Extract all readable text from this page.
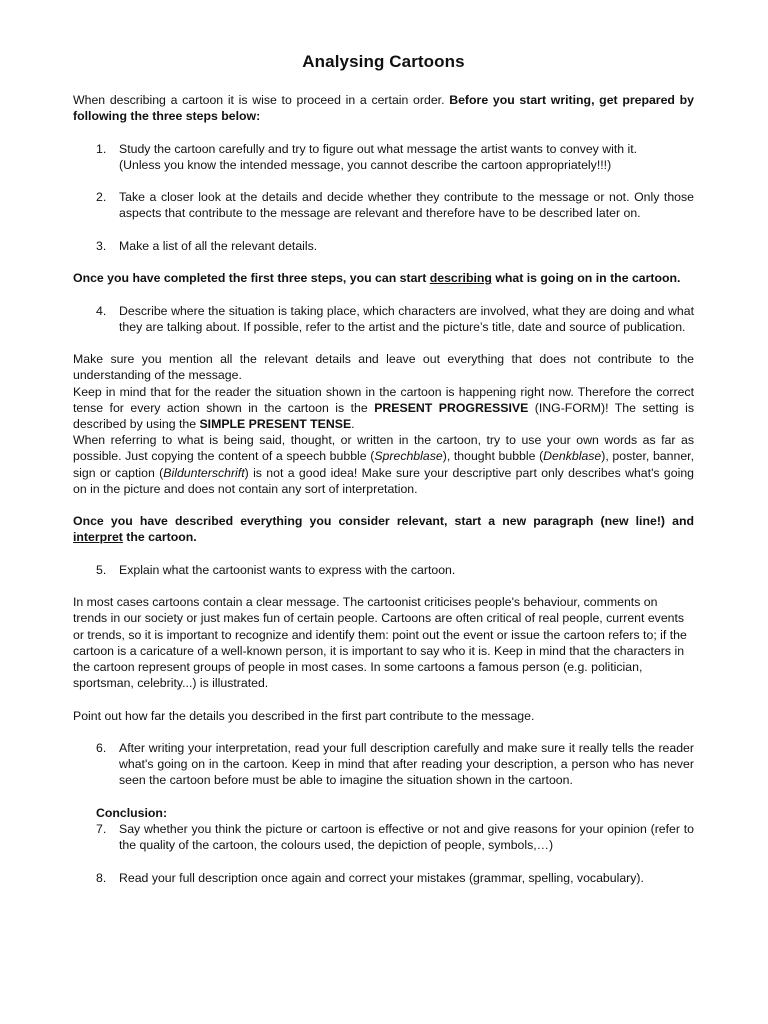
Analysing Cartoons

When describing a cartoon it is wise to proceed in a certain order. Before you start writing, get prepared by following the three steps below:

1. Study the cartoon carefully and try to figure out what message the artist wants to convey with it.
(Unless you know the intended message, you cannot describe the cartoon appropriately!!!)
2. Take a closer look at the details and decide whether they contribute to the message or not. Only those aspects that contribute to the message are relevant and therefore have to be described later on.
3. Make a list of all the relevant details.

Once you have completed the first three steps, you can start describing what is going on in the cartoon.

4. Describe where the situation is taking place, which characters are involved, what they are doing and what they are talking about. If possible, refer to the artist and the picture’s title, date and source of publication.

Make sure you mention all the relevant details and leave out everything that does not contribute to the understanding of the message.

Keep in mind that for the reader the situation shown in the cartoon is happening right now. Therefore the correct tense for every action shown in the cartoon is the PRESENT PROGRESSIVE (ING-FORM)! The setting is described by using the SIMPLE PRESENT TENSE.

When referring to what is being said, thought, or written in the cartoon, try to use your own words as far as possible. Just copying the content of a speech bubble (Sprechblase), thought bubble (Denkblase), poster, banner, sign or caption (Bildunterschrift) is not a good idea! Make sure your descriptive part only describes what's going on in the picture and does not contain any sort of interpretation.

Once you have described everything you consider relevant, start a new paragraph (new line!) and interpret the cartoon.

5. Explain what the cartoonist wants to express with the cartoon.

In most cases cartoons contain a clear message. The cartoonist criticises people's behaviour, comments on trends in our society or just makes fun of certain people. Cartoons are often critical of real people, current events or trends, so it is important to recognize and identify them: point out the event or issue the cartoon refers to; if the cartoon is a caricature of a well-known person, it is important to say who it is. Keep in mind that the characters in the cartoon represent groups of people in most cases. In some cartoons a famous person (e.g. politician, sportsman, celebrity...) is illustrated.

Point out how far the details you described in the first part contribute to the message.

6. After writing your interpretation, read your full description carefully and make sure it really tells the reader what's going on in the cartoon. Keep in mind that after reading your description, a person who has never seen the cartoon before must be able to imagine the situation shown in the cartoon.
Conclusion:
7. Say whether you think the picture or cartoon is effective or not and give reasons for your opinion (refer to the quality of the cartoon, the colours used, the depiction of people, symbols,…)
8. Read your full description once again and correct your mistakes (grammar, spelling, vocabulary).
